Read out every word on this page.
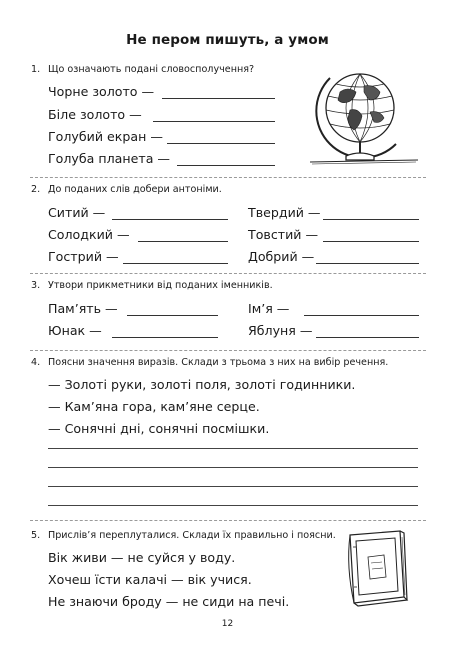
Не пером пишуть, а умом
1. Що означають подані словосполучення?
Чорне золото —
Біле золото —
Голубий екран —
Голуба планета —
2. До поданих слів добери антоніми.
Ситий —	Твердий —
Солодкий —	Товстий —
Гострий —	Добрий —
3. Утвори прикметники від поданих іменників.
Пам’ять —	Ім’я —
Юнак —	Яблуня —
4. Поясни значення виразів. Склади з трьома з них на вибір речення.
— Золоті руки, золоті поля, золоті годинники.
— Кам’яна гора, кам’яне серце.
— Сонячні дні, сонячні посмішки.
5. Прислів’я переплуталися. Склади їх правильно і поясни.
Вік живи — не суйся у воду.
Хочеш їсти калачі — вік учися.
Не знаючи броду — не сиди на печі.
12
